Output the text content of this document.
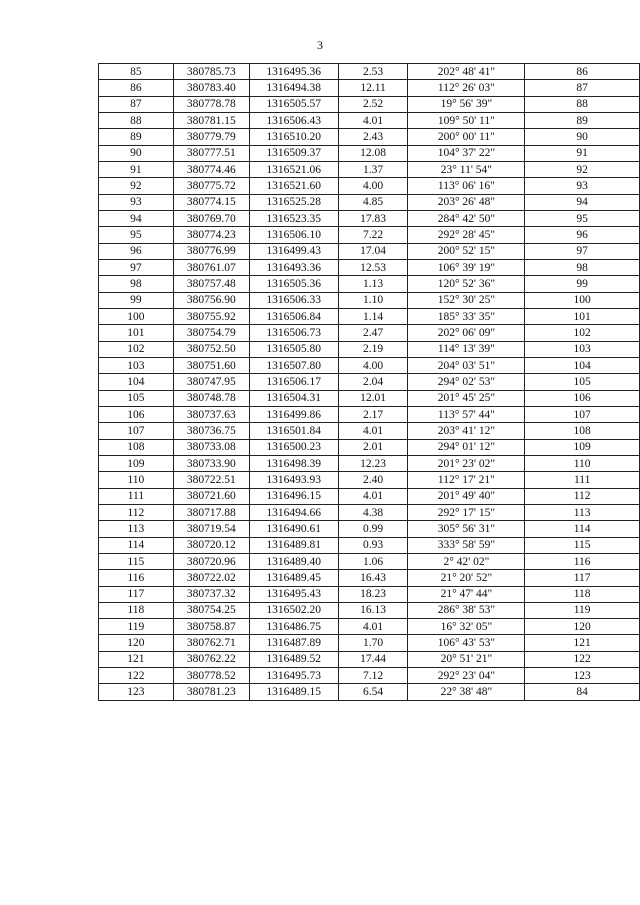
3
85	380785.73	1316495.36	2.53	202° 48' 41"	86
86	380783.40	1316494.38	12.11	112° 26' 03"	87
87	380778.78	1316505.57	2.52	19° 56' 39"	88
88	380781.15	1316506.43	4.01	109° 50' 11"	89
89	380779.79	1316510.20	2.43	200° 00' 11"	90
90	380777.51	1316509.37	12.08	104° 37' 22"	91
91	380774.46	1316521.06	1.37	23° 11' 54"	92
92	380775.72	1316521.60	4.00	113° 06' 16"	93
93	380774.15	1316525.28	4.85	203° 26' 48"	94
94	380769.70	1316523.35	17.83	284° 42' 50"	95
95	380774.23	1316506.10	7.22	292° 28' 45"	96
96	380776.99	1316499.43	17.04	200° 52' 15"	97
97	380761.07	1316493.36	12.53	106° 39' 19"	98
98	380757.48	1316505.36	1.13	120° 52' 36"	99
99	380756.90	1316506.33	1.10	152° 30' 25"	100
100	380755.92	1316506.84	1.14	185° 33' 35"	101
101	380754.79	1316506.73	2.47	202° 06' 09"	102
102	380752.50	1316505.80	2.19	114° 13' 39"	103
103	380751.60	1316507.80	4.00	204° 03' 51"	104
104	380747.95	1316506.17	2.04	294° 02' 53"	105
105	380748.78	1316504.31	12.01	201° 45' 25"	106
106	380737.63	1316499.86	2.17	113° 57' 44"	107
107	380736.75	1316501.84	4.01	203° 41' 12"	108
108	380733.08	1316500.23	2.01	294° 01' 12"	109
109	380733.90	1316498.39	12.23	201° 23' 02"	110
110	380722.51	1316493.93	2.40	112° 17' 21"	111
111	380721.60	1316496.15	4.01	201° 49' 40"	112
112	380717.88	1316494.66	4.38	292° 17' 15"	113
113	380719.54	1316490.61	0.99	305° 56' 31"	114
114	380720.12	1316489.81	0.93	333° 58' 59"	115
115	380720.96	1316489.40	1.06	2° 42' 02"	116
116	380722.02	1316489.45	16.43	21° 20' 52"	117
117	380737.32	1316495.43	18.23	21° 47' 44"	118
118	380754.25	1316502.20	16.13	286° 38' 53"	119
119	380758.87	1316486.75	4.01	16° 32' 05"	120
120	380762.71	1316487.89	1.70	106° 43' 53"	121
121	380762.22	1316489.52	17.44	20° 51' 21"	122
122	380778.52	1316495.73	7.12	292° 23' 04"	123
123	380781.23	1316489.15	6.54	22° 38' 48"	84
